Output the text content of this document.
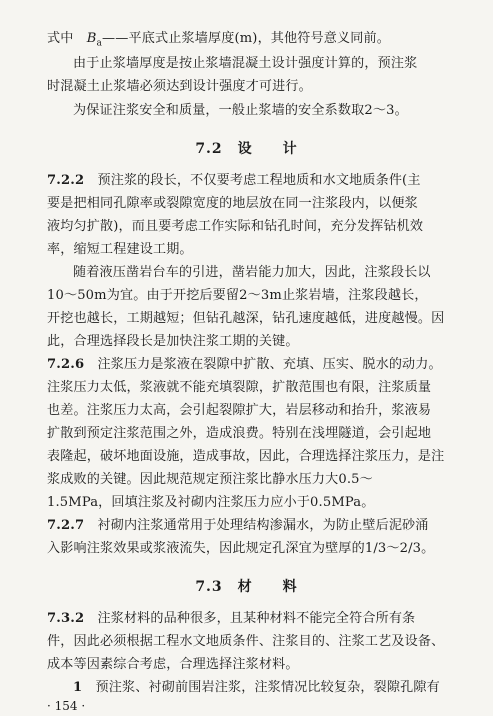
式中　$B_a——$平底式止浆墙厚度(m)，其他符号意义同前。
由于止浆墙厚度是按止浆墙混凝土设计强度计算的，预注浆
时混凝土止浆墙必须达到设计强度才可进行。
为保证注浆安全和质量，一般止浆墙的安全系数取2～3。
7.2　设　　计
7.2.2　 预注浆的段长，不仅要考虑工程地质和水文地质条件(主
要是把相同孔隙率或裂隙宽度的地层放在同一注浆段内，以便浆
液均匀扩散)，而且要考虑工作实际和钻孔时间，充分发挥钻机效
率，缩短工程建设工期。
随着液压凿岩台车的引进，凿岩能力加大，因此，注浆段长以
10～50m为宜。由于开挖后要留2～3m止浆岩墙，注浆段越长，
开挖也越长，工期越短；但钻孔越深，钻孔速度越低，进度越慢。因
此，合理选择段长是加快注浆工期的关键。
7.2.6　 注浆压力是浆液在裂隙中扩散、充填、压实、脱水的动力。
注浆压力太低，浆液就不能充填裂隙，扩散范围也有限，注浆质量
也差。注浆压力太高，会引起裂隙扩大，岩层移动和抬升，浆液易
扩散到预定注浆范围之外，造成浪费。特别在浅埋隧道，会引起地
表隆起，破坏地面设施，造成事故，因此，合理选择注浆压力，是注
浆成败的关键。因此规范规定预注浆比静水压力大0.5～
1.5MPa，回填注浆及衬砌内注浆压力应小于0.5MPa。
7.2.7　 衬砌内注浆通常用于处理结构渗漏水，为防止壁后泥砂涌
入影响注浆效果或浆液流失，因此规定孔深宜为壁厚的1/3～2/3。
7.3　材　　料
7.3.2　 注浆材料的品种很多，且某种材料不能完全符合所有条
件，因此必须根据工程水文地质条件、注浆目的、注浆工艺及设备、
成本等因素综合考虑，合理选择注浆材料。
1　 预注浆、衬砌前围岩注浆，注浆情况比较复杂，裂隙孔隙有
· 154 ·
